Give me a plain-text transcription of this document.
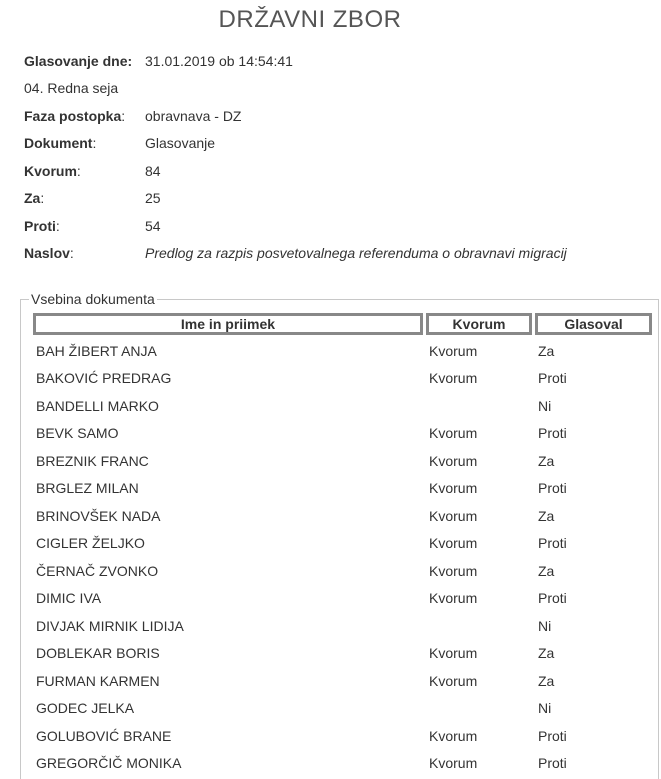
DRŽAVNI ZBOR
Glasovanje dne: 31.01.2019 ob 14:54:41
04. Redna seja
Faza postopka:	obravnava - DZ
Dokument:	Glasovanje
Kvorum:	84
Za:	25
Proti:	54
Naslov:	Predlog za razpis posvetovalnega referenduma o obravnavi migracij
Vsebina dokumenta
Ime in priimek	Kvorum	Glasoval
BAH ŽIBERT ANJA	Kvorum	Za
BAKOVIĆ PREDRAG	Kvorum	Proti
BANDELLI MARKO		Ni
BEVK SAMO	Kvorum	Proti
BREZNIK FRANC	Kvorum	Za
BRGLEZ MILAN	Kvorum	Proti
BRINOVŠEK NADA	Kvorum	Za
CIGLER ŽELJKO	Kvorum	Proti
ČERNAČ ZVONKO	Kvorum	Za
DIMIC IVA	Kvorum	Proti
DIVJAK MIRNIK LIDIJA		Ni
DOBLEKAR BORIS	Kvorum	Za
FURMAN KARMEN	Kvorum	Za
GODEC JELKA		Ni
GOLUBOVIĆ BRANE	Kvorum	Proti
GREGORČIČ MONIKA	Kvorum	Proti
